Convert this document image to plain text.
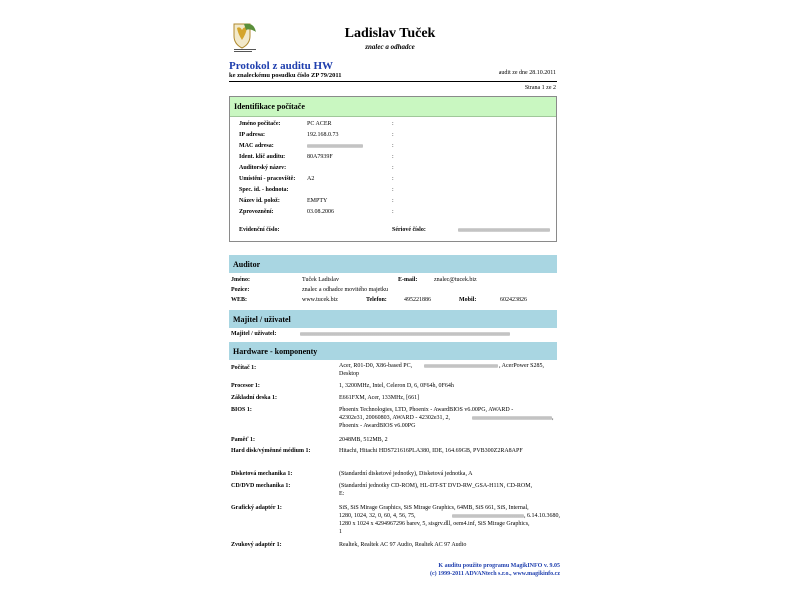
Ladislav Tuček
znalec a odhadce
Protokol z auditu HW
ke znaleckému posudku číslo ZP 79/2011	audit ze dne 28.10.2011
Strana 1 ze 2
Identifikace počítače
Jméno počítače:	PC ACER	:
IP adresa:	192.168.0.73	:
MAC adresa:	:
Ident. klíč auditu:	80A7939F	:
Auditorský název:	:
Umístění - pracoviště: A2	:
Spec. id. - hodnota:	:
Název id. polož:	EMPTY	:
Zprovoznění:	03.08.2006	:
Evidenční číslo:	Sériové číslo:
Auditor
Jméno:	Tuček Ladislav	E-mail:	znalec@tucek.biz
Pozice:	znalec a odhadce movitého majetku
WEB:	www.tucek.biz	Telefon:	495221886	Mobil:	602423826
Majitel / uživatel
Majitel / uživatel:
Hardware - komponenty
Počítač 1:	Acer, R01-D0, X86-based PC,	, AcerPower S285,
Desktop
Procesor 1:	1, 3200MHz, Intel, Celeron D, 6, 0F64h, 0F64h
Základní deska 1:	E661FXM, Acer, 133MHz, [661]
BIOS 1:	Phoenix Technologies, LTD, Phoenix - AwardBIOS v6.00PG, AWARD -
42302e31, 20060803, AWARD - 42302e31, 2,	,
Phoenix - AwardBIOS v6.00PG
Paměť 1:	2048MB, 512MB, 2
Hard disk/výměnné médium 1:	Hitachi, Hitachi HDS721616PLA380, IDE, 164.69GB, PVB300Z2RA8APF
Disketová mechanika 1:	(Standardní disketové jednotky), Disketová jednotka, A
CD/DVD mechanika 1:	(Standardní jednotky CD-ROM), HL-DT-ST DVD-RW_GSA-H11N, CD-ROM,
E:
Grafický adaptér 1:	SiS, SiS Mirage Graphics, SiS Mirage Graphics, 64MB, SiS 661, SiS, Internal,
1280, 1024, 32, 0, 60, 4, 56, 75,	, 6.14.10.3680,
1280 x 1024 x 4294967296 barev, 5, sisgrv.dll, oem4.inf, SiS Mirage Graphics,
1
Zvukový adaptér 1:	Realtek, Realtek AC 97 Audio, Realtek AC 97 Audio
K auditu použito programu MagikINFO v. 9.05
(c) 1999-2011 ADVANtech s.r.o., www.magikinfo.cz
